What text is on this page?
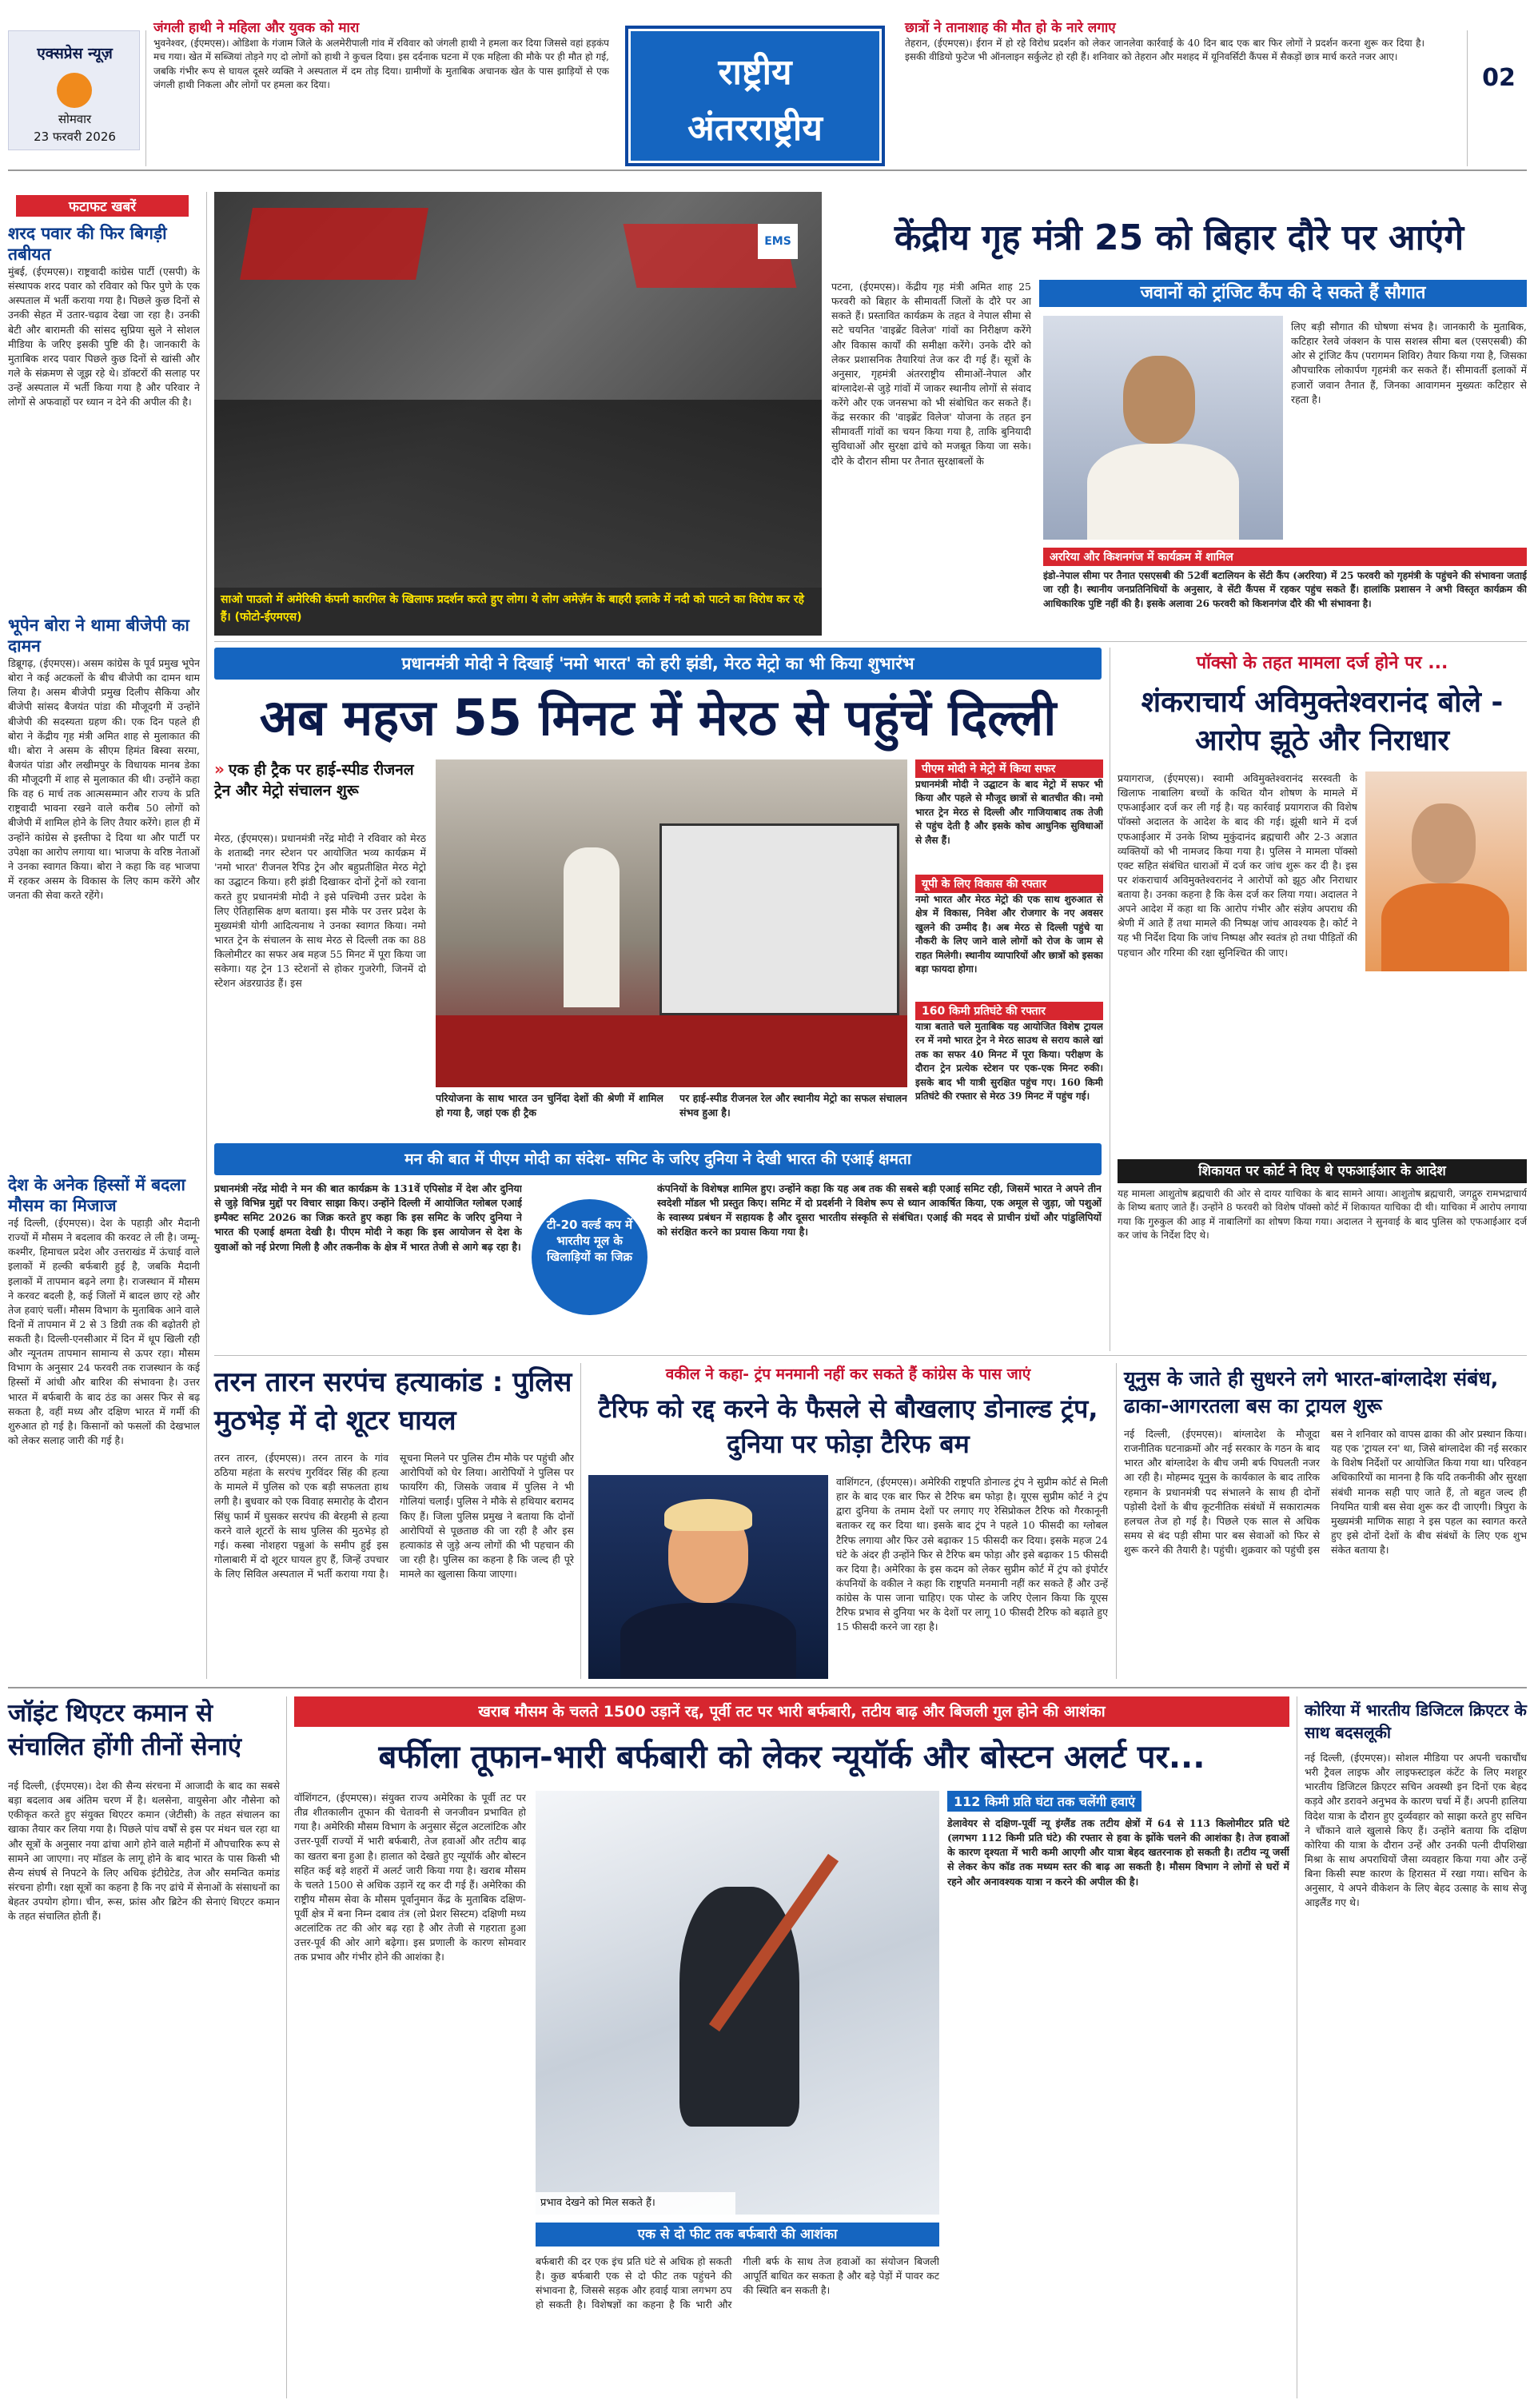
एक्सप्रेस न्यूज़
सोमवार
23 फरवरी 2026
जंगली हाथी ने महिला और युवक को मारा
भुवनेश्वर, (ईएमएस)। ओडिशा के गंजाम जिले के अलमेरीपाली गांव में रविवार को जंगली हाथी ने हमला कर दिया जिससे वहां हड़कंप मच गया। खेत में सब्जियां तोड़ने गए दो लोगों को हाथी ने कुचल दिया। इस दर्दनाक घटना में एक महिला की मौके पर ही मौत हो गई, जबकि गंभीर रूप से घायल दूसरे व्यक्ति ने अस्पताल में दम तोड़ दिया। ग्रामीणों के मुताबिक अचानक खेत के पास झाड़ियों से एक जंगली हाथी निकला और लोगों पर हमला कर दिया।	राष्ट्रीय
अंतरराष्ट्रीय
छात्रों ने तानाशाह की मौत हो के नारे लगाए
तेहरान, (ईएमएस)। ईरान में हो रहे विरोध प्रदर्शन को लेकर जानलेवा कार्रवाई के 40 दिन बाद एक बार फिर लोगों ने प्रदर्शन करना शुरू कर दिया है। इसकी वीडियो फुटेज भी ऑनलाइन सर्कुलेट हो रही हैं। शनिवार को तेहरान और मशहद में यूनिवर्सिटी कैंपस में सैकड़ों छात्र मार्च करते नजर आए।
02
फटाफट खबरें
शरद पवार की फिर बिगड़ी तबीयत
मुंबई, (ईएमएस)। राष्ट्रवादी कांग्रेस पार्टी (एसपी) के संस्थापक शरद पवार को रविवार को फिर पुणे के एक अस्पताल में भर्ती कराया गया है। पिछले कुछ दिनों से उनकी सेहत में उतार-चढ़ाव देखा जा रहा है। उनकी बेटी और बारामती की सांसद सुप्रिया सुले ने सोशल मीडिया के जरिए इसकी पुष्टि की है। जानकारी के मुताबिक शरद पवार पिछले कुछ दिनों से खांसी और गले के संक्रमण से जूझ रहे थे। डॉक्टरों की सलाह पर उन्हें अस्पताल में भर्ती किया गया है और परिवार ने लोगों से अफवाहों पर ध्यान न देने की अपील की है।
भूपेन बोरा ने थामा बीजेपी का दामन
डिब्रूगढ़, (ईएमएस)। असम कांग्रेस के पूर्व प्रमुख भूपेन बोरा ने कई अटकलों के बीच बीजेपी का दामन थाम लिया है। असम बीजेपी प्रमुख दिलीप सैकिया और बीजेपी सांसद बैजयंत पांडा की मौजूदगी में उन्होंने बीजेपी की सदस्यता ग्रहण की। एक दिन पहले ही बोरा ने केंद्रीय गृह मंत्री अमित शाह से मुलाकात की थी। बोरा ने असम के सीएम हिमंत बिस्वा सरमा, बैजयंत पांडा और लखीमपुर के विधायक मानब डेका की मौजूदगी में शाह से मुलाकात की थी। उन्होंने कहा कि वह 6 मार्च तक आत्मसम्मान और राज्य के प्रति राष्ट्रवादी भावना रखने वाले करीब 50 लोगों को बीजेपी में शामिल होने के लिए तैयार करेंगे। हाल ही में उन्होंने कांग्रेस से इस्तीफा दे दिया था और पार्टी पर उपेक्षा का आरोप लगाया था। भाजपा के वरिष्ठ नेताओं ने उनका स्वागत किया। बोरा ने कहा कि वह भाजपा में रहकर असम के विकास के लिए काम करेंगे और जनता की सेवा करते रहेंगे।
देश के अनेक हिस्सों में बदला मौसम का मिजाज
नई दिल्ली, (ईएमएस)। देश के पहाड़ी और मैदानी राज्यों में मौसम ने बदलाव की करवट ले ली है। जम्मू-कश्मीर, हिमाचल प्रदेश और उत्तराखंड में ऊंचाई वाले इलाकों में हल्की बर्फबारी हुई है, जबकि मैदानी इलाकों में तापमान बढ़ने लगा है। राजस्थान में मौसम ने करवट बदली है, कई जिलों में बादल छाए रहे और तेज हवाएं चलीं। मौसम विभाग के मुताबिक आने वाले दिनों में तापमान में 2 से 3 डिग्री तक की बढ़ोतरी हो सकती है। दिल्ली-एनसीआर में दिन में धूप खिली रही और न्यूनतम तापमान सामान्य से ऊपर रहा। मौसम विभाग के अनुसार 24 फरवरी तक राजस्थान के कई हिस्सों में आंधी और बारिश की संभावना है। उत्तर भारत में बर्फबारी के बाद ठंड का असर फिर से बढ़ सकता है, वहीं मध्य और दक्षिण भारत में गर्मी की शुरुआत हो गई है। किसानों को फसलों की देखभाल को लेकर सलाह जारी की गई है।
EMS
साओ पाउलो में अमेरिकी कंपनी कारगिल के खिलाफ प्रदर्शन करते हुए लोग। ये लोग अमेज़ॅन के बाहरी इलाके में नदी को पाटने का विरोध कर रहे हैं। (फोटो-ईएमएस)
केंद्रीय गृह मंत्री 25 को बिहार दौरे पर आएंगे
पटना, (ईएमएस)। केंद्रीय गृह मंत्री अमित शाह 25 फरवरी को बिहार के सीमावर्ती जिलों के दौरे पर आ सकते हैं। प्रस्तावित कार्यक्रम के तहत वे नेपाल सीमा से सटे चयनित 'वाइब्रेंट विलेज' गांवों का निरीक्षण करेंगे और विकास कार्यों की समीक्षा करेंगे। उनके दौरे को लेकर प्रशासनिक तैयारियां तेज कर दी गई हैं। सूत्रों के अनुसार, गृहमंत्री अंतरराष्ट्रीय सीमाओं-नेपाल और बांग्लादेश-से जुड़े गांवों में जाकर स्थानीय लोगों से संवाद करेंगे और एक जनसभा को भी संबोधित कर सकते हैं। केंद्र सरकार की 'वाइब्रेंट विलेज' योजना के तहत इन सीमावर्ती गांवों का चयन किया गया है, ताकि बुनियादी सुविधाओं और सुरक्षा ढांचे को मजबूत किया जा सके। दौरे के दौरान सीमा पर तैनात सुरक्षाबलों के
जवानों को ट्रांजिट कैंप की दे सकते हैं सौगात
लिए बड़ी सौगात की घोषणा संभव है। जानकारी के मुताबिक, कटिहार रेलवे जंक्शन के पास सशस्त्र सीमा बल (एसएसबी) की ओर से ट्रांजिट कैंप (परागमन शिविर) तैयार किया गया है, जिसका औपचारिक लोकार्पण गृहमंत्री कर सकते हैं। सीमावर्ती इलाकों में हजारों जवान तैनात हैं, जिनका आवागमन मुख्यतः कटिहार से रहता है।
अररिया और किशनगंज में कार्यक्रम में शामिल
इंडो-नेपाल सीमा पर तैनात एसएसबी की 52वीं बटालियन के सेंटी कैंप (अररिया) में 25 फरवरी को गृहमंत्री के पहुंचने की संभावना जताई जा रही है। स्थानीय जनप्रतिनिधियों के अनुसार, वे सेंटी कैंपस में रहकर पहुंच सकते हैं। हालांकि प्रशासन ने अभी विस्तृत कार्यक्रम की आधिकारिक पुष्टि नहीं की है। इसके अलावा 26 फरवरी को किशनगंज दौरे की भी संभावना है।
प्रधानमंत्री मोदी ने दिखाई 'नमो भारत' को हरी झंडी, मेरठ मेट्रो का भी किया शुभारंभ
अब महज 55 मिनट में मेरठ से पहुंचें दिल्ली
» एक ही ट्रैक पर हाई-स्पीड रीजनल ट्रेन और मेट्रो संचालन शुरू
मेरठ, (ईएमएस)। प्रधानमंत्री नरेंद्र मोदी ने रविवार को मेरठ के शताब्दी नगर स्टेशन पर आयोजित भव्य कार्यक्रम में 'नमो भारत' रीजनल रैपिड ट्रेन और बहुप्रतीक्षित मेरठ मेट्रो का उद्घाटन किया। हरी झंडी दिखाकर दोनों ट्रेनों को रवाना करते हुए प्रधानमंत्री मोदी ने इसे पश्चिमी उत्तर प्रदेश के लिए ऐतिहासिक क्षण बताया। इस मौके पर उत्तर प्रदेश के मुख्यमंत्री योगी आदित्यनाथ ने उनका स्वागत किया। नमो भारत ट्रेन के संचालन के साथ मेरठ से दिल्ली तक का 88 किलोमीटर का सफर अब महज 55 मिनट में पूरा किया जा सकेगा। यह ट्रेन 13 स्टेशनों से होकर गुजरेगी, जिनमें दो स्टेशन अंडरग्राउंड हैं। इस
परियोजना के साथ भारत उन चुनिंदा देशों की श्रेणी में शामिल हो गया है, जहां एक ही ट्रैक
पर हाई-स्पीड रीजनल रेल और स्थानीय मेट्रो का सफल संचालन संभव हुआ है।
पीएम मोदी ने मेट्रो में किया सफर
प्रधानमंत्री मोदी ने उद्घाटन के बाद मेट्रो में सफर भी किया और पहले से मौजूद छात्रों से बातचीत की। नमो भारत ट्रेन मेरठ से दिल्ली और गाजियाबाद तक तेजी से पहुंच देती है और इसके कोच आधुनिक सुविधाओं से लैस हैं।
यूपी के लिए विकास की रफ्तार
नमो भारत और मेरठ मेट्रो की एक साथ शुरुआत से क्षेत्र में विकास, निवेश और रोजगार के नए अवसर खुलने की उम्मीद है। अब मेरठ से दिल्ली पहुंचे या नौकरी के लिए जाने वाले लोगों को रोज के जाम से राहत मिलेगी। स्थानीय व्यापारियों और छात्रों को इसका बड़ा फायदा होगा।
160 किमी प्रतिघंटे की रफ्तार
यात्रा बताते चले मुताबिक यह आयोजित विशेष ट्रायल रन में नमो भारत ट्रेन ने मेरठ साउथ से सराय काले खां तक का सफर 40 मिनट में पूरा किया। परीक्षण के दौरान ट्रेन प्रत्येक स्टेशन पर एक-एक मिनट रुकी। इसके बाद भी यात्री सुरक्षित पहुंच गए। 160 किमी प्रतिघंटे की रफ्तार से मेरठ 39 मिनट में पहुंच गई।
पॉक्सो के तहत मामला दर्ज होने पर ...
शंकराचार्य अविमुक्तेश्वरानंद बोले - आरोप झूठे और निराधार
प्रयागराज, (ईएमएस)। स्वामी अविमुक्तेश्वरानंद सरस्वती के खिलाफ नाबालिग बच्चों के कथित यौन शोषण के मामले में एफआईआर दर्ज कर ली गई है। यह कार्रवाई प्रयागराज की विशेष पॉक्सो अदालत के आदेश के बाद की गई। झूंसी थाने में दर्ज एफआईआर में उनके शिष्य मुकुंदानंद ब्रह्मचारी और 2-3 अज्ञात व्यक्तियों को भी नामजद किया गया है। पुलिस ने मामला पॉक्सो एक्ट सहित संबंधित धाराओं में दर्ज कर जांच शुरू कर दी है। इस पर शंकराचार्य अविमुक्तेश्वरानंद ने आरोपों को झूठ और निराधार बताया है। उनका कहना है कि केस दर्ज कर लिया गया। अदालत ने अपने आदेश में कहा था कि आरोप गंभीर और संज्ञेय अपराध की श्रेणी में आते हैं तथा मामले की निष्पक्ष जांच आवश्यक है। कोर्ट ने यह भी निर्देश दिया कि जांच निष्पक्ष और स्वतंत्र हो तथा पीड़ितों की पहचान और गरिमा की रक्षा सुनिश्चित की जाए।
शिकायत पर कोर्ट ने दिए थे एफआईआर के आदेश
यह मामला आशुतोष ब्रह्मचारी की ओर से दायर याचिका के बाद सामने आया। आशुतोष ब्रह्मचारी, जगद्गुरु रामभद्राचार्य के शिष्य बताए जाते हैं। उन्होंने 8 फरवरी को विशेष पॉक्सो कोर्ट में शिकायत याचिका दी थी। याचिका में आरोप लगाया गया कि गुरुकुल की आड़ में नाबालिगों का शोषण किया गया। अदालत ने सुनवाई के बाद पुलिस को एफआईआर दर्ज कर जांच के निर्देश दिए थे।
मन की बात में पीएम मोदी का संदेश- समिट के जरिए दुनिया ने देखी भारत की एआई क्षमता
प्रधानमंत्री नरेंद्र मोदी ने मन की बात कार्यक्रम के 131वें एपिसोड में देश और दुनिया से जुड़े विभिन्न मुद्दों पर विचार साझा किए। उन्होंने दिल्ली में आयोजित ग्लोबल एआई इम्पैक्ट समिट 2026 का जिक्र करते हुए कहा कि इस समिट के जरिए दुनिया ने भारत की एआई क्षमता देखी है। पीएम मोदी ने कहा कि इस आयोजन से देश के युवाओं को नई प्रेरणा मिली है और तकनीक के क्षेत्र में भारत तेजी से आगे बढ़ रहा है।
टी-20 वर्ल्ड कप में भारतीय मूल के खिलाड़ियों का जिक्र
कंपनियों के विशेषज्ञ शामिल हुए। उन्होंने कहा कि यह अब तक की सबसे बड़ी एआई समिट रही, जिसमें भारत ने अपने तीन स्वदेशी मॉडल भी प्रस्तुत किए। समिट में दो प्रदर्शनी ने विशेष रूप से ध्यान आकर्षित किया, एक अमूल से जुड़ा, जो पशुओं के स्वास्थ्य प्रबंधन में सहायक है और दूसरा भारतीय संस्कृति से संबंधित। एआई की मदद से प्राचीन ग्रंथों और पांडुलिपियों को संरक्षित करने का प्रयास किया गया है।
तरन तारन सरपंच हत्याकांड : पुलिस मुठभेड़ में दो शूटर घायल
तरन तारन, (ईएमएस)। तरन तारन के गांव ठठिया महंता के सरपंच गुरविंदर सिंह की हत्या के मामले में पुलिस को एक बड़ी सफलता हाथ लगी है। बुधवार को एक विवाह समारोह के दौरान सिंधु फार्म में घुसकर सरपंच की बेरहमी से हत्या करने वाले शूटरों के साथ पुलिस की मुठभेड़ हो गई। कस्बा नोशहरा पन्नुआं के समीप हुई इस गोलाबारी में दो शूटर घायल हुए हैं, जिन्हें उपचार के लिए सिविल अस्पताल में भर्ती कराया गया है। सूचना मिलने पर पुलिस टीम मौके पर पहुंची और आरोपियों को घेर लिया। आरोपियों ने पुलिस पर फायरिंग की, जिसके जवाब में पुलिस ने भी गोलियां चलाईं। पुलिस ने मौके से हथियार बरामद किए हैं। जिला पुलिस प्रमुख ने बताया कि दोनों आरोपियों से पूछताछ की जा रही है और इस हत्याकांड से जुड़े अन्य लोगों की भी पहचान की जा रही है। पुलिस का कहना है कि जल्द ही पूरे मामले का खुलासा किया जाएगा।
वकील ने कहा- ट्रंप मनमानी नहीं कर सकते हैं कांग्रेस के पास जाएं
टैरिफ को रद्द करने के फैसले से बौखलाए डोनाल्ड ट्रंप, दुनिया पर फोड़ा टैरिफ बम
वाशिंगटन, (ईएमएस)। अमेरिकी राष्ट्रपति डोनाल्ड ट्रंप ने सुप्रीम कोर्ट से मिली हार के बाद एक बार फिर से टैरिफ बम फोड़ा है। यूएस सुप्रीम कोर्ट ने ट्रंप द्वारा दुनिया के तमाम देशों पर लगाए गए रेसिप्रोकल टैरिफ को गैरकानूनी बताकर रद्द कर दिया था। इसके बाद ट्रंप ने पहले 10 फीसदी का ग्लोबल टैरिफ लगाया और फिर उसे बढ़ाकर 15 फीसदी कर दिया। इसके महज 24 घंटे के अंदर ही उन्होंने फिर से टैरिफ बम फोड़ा और इसे बढ़ाकर 15 फीसदी कर दिया है। अमेरिका के इस कदम को लेकर सुप्रीम कोर्ट में ट्रंप को इंपोर्टर कंपनियों के वकील ने कहा कि राष्ट्रपति मनमानी नहीं कर सकते हैं और उन्हें कांग्रेस के पास जाना चाहिए। एक पोस्ट के जरिए ऐलान किया कि यूएस टैरिफ प्रभाव से दुनिया भर के देशों पर लागू 10 फीसदी टैरिफ को बढ़ाते हुए 15 फीसदी करने जा रहा है।
यूनुस के जाते ही सुधरने लगे भारत-बांग्लादेश संबंध, ढाका-आगरतला बस का ट्रायल शुरू
नई दिल्ली, (ईएमएस)। बांग्लादेश के मौजूदा राजनीतिक घटनाक्रमों और नई सरकार के गठन के बाद भारत और बांग्लादेश के बीच जमी बर्फ पिघलती नजर आ रही है। मोहम्मद यूनुस के कार्यकाल के बाद तारिक रहमान के प्रधानमंत्री पद संभालने के साथ ही दोनों पड़ोसी देशों के बीच कूटनीतिक संबंधों में सकारात्मक हलचल तेज हो गई है। पिछले एक साल से अधिक समय से बंद पड़ी सीमा पार बस सेवाओं को फिर से शुरू करने की तैयारी है। पहुंची। शुक्रवार को पहुंची इस बस ने शनिवार को वापस ढाका की ओर प्रस्थान किया। यह एक 'ट्रायल रन' था, जिसे बांग्लादेश की नई सरकार के विशेष निर्देशों पर आयोजित किया गया था। परिवहन अधिकारियों का मानना है कि यदि तकनीकी और सुरक्षा संबंधी मानक सही पाए जाते हैं, तो बहुत जल्द ही नियमित यात्री बस सेवा शुरू कर दी जाएगी। त्रिपुरा के मुख्यमंत्री माणिक साहा ने इस पहल का स्वागत करते हुए इसे दोनों देशों के बीच संबंधों के लिए एक शुभ संकेत बताया है।
जॉइंट थिएटर कमान से संचालित होंगी तीनों सेनाएं
नई दिल्ली, (ईएमएस)। देश की सैन्य संरचना में आजादी के बाद का सबसे बड़ा बदलाव अब अंतिम चरण में है। थलसेना, वायुसेना और नौसेना को एकीकृत करते हुए संयुक्त थिएटर कमान (जेटीसी) के तहत संचालन का खाका तैयार कर लिया गया है। पिछले पांच वर्षों से इस पर मंथन चल रहा था और सूत्रों के अनुसार नया ढांचा आगे होने वाले महीनों में औपचारिक रूप से सामने आ जाएगा। नए मॉडल के लागू होने के बाद भारत के पास किसी भी सैन्य संघर्ष से निपटने के लिए अधिक इंटीग्रेटेड, तेज और समन्वित कमांड संरचना होगी। रक्षा सूत्रों का कहना है कि नए ढांचे में सेनाओं के संसाधनों का बेहतर उपयोग होगा। चीन, रूस, फ्रांस और ब्रिटेन की सेनाएं थिएटर कमान के तहत संचालित होती हैं।
खराब मौसम के चलते 1500 उड़ानें रद्द, पूर्वी तट पर भारी बर्फबारी, तटीय बाढ़ और बिजली गुल होने की आशंका
बर्फीला तूफान-भारी बर्फबारी को लेकर न्यूयॉर्क और बोस्टन अलर्ट पर...
वॉशिंगटन, (ईएमएस)। संयुक्त राज्य अमेरिका के पूर्वी तट पर तीव्र शीतकालीन तूफान की चेतावनी से जनजीवन प्रभावित हो गया है। अमेरिकी मौसम विभाग के अनुसार सेंट्रल अटलांटिक और उत्तर-पूर्वी राज्यों में भारी बर्फबारी, तेज हवाओं और तटीय बाढ़ का खतरा बना हुआ है। हालात को देखते हुए न्यूयॉर्क और बोस्टन सहित कई बड़े शहरों में अलर्ट जारी किया गया है। खराब मौसम के चलते 1500 से अधिक उड़ानें रद्द कर दी गई हैं। अमेरिका की राष्ट्रीय मौसम सेवा के मौसम पूर्वानुमान केंद्र के मुताबिक दक्षिण-पूर्वी क्षेत्र में बना निम्न दबाव तंत्र (लो प्रेशर सिस्टम) दक्षिणी मध्य अटलांटिक तट की ओर बढ़ रहा है और तेजी से गहराता हुआ उत्तर-पूर्व की ओर आगे बढ़ेगा। इस प्रणाली के कारण सोमवार तक प्रभाव और गंभीर होने की आशंका है।
प्रभाव देखने को मिल सकते हैं।
एक से दो फीट तक बर्फबारी की आशंका
बर्फबारी की दर एक इंच प्रति घंटे से अधिक हो सकती है। कुछ बर्फबारी एक से दो फीट तक पहुंचने की संभावना है, जिससे सड़क और हवाई यात्रा लगभग ठप हो सकती है। विशेषज्ञों का कहना है कि भारी और गीली बर्फ के साथ तेज हवाओं का संयोजन बिजली आपूर्ति बाधित कर सकता है और बड़े पेड़ों में पावर कट की स्थिति बन सकती है।
112 किमी प्रति घंटा तक चलेंगी हवाएं
डेलावेयर से दक्षिण-पूर्वी न्यू इंग्लैंड तक तटीय क्षेत्रों में 64 से 113 किलोमीटर प्रति घंटे (लगभग 112 किमी प्रति घंटे) की रफ्तार से हवा के झोंके चलने की आशंका है। तेज हवाओं के कारण दृश्यता में भारी कमी आएगी और यात्रा बेहद खतरनाक हो सकती है। तटीय न्यू जर्सी से लेकर केप कॉड तक मध्यम स्तर की बाढ़ आ सकती है। मौसम विभाग ने लोगों से घरों में रहने और अनावश्यक यात्रा न करने की अपील की है।
कोरिया में भारतीय डिजिटल क्रिएटर के साथ बदसलूकी
नई दिल्ली, (ईएमएस)। सोशल मीडिया पर अपनी चकाचौंध भरी ट्रैवल लाइफ और लाइफस्टाइल कंटेंट के लिए मशहूर भारतीय डिजिटल क्रिएटर सचिन अवस्थी इन दिनों एक बेहद कड़वे और डरावने अनुभव के कारण चर्चा में हैं। अपनी हालिया विदेश यात्रा के दौरान हुए दुर्व्यवहार को साझा करते हुए सचिन ने चौंकाने वाले खुलासे किए हैं। उन्होंने बताया कि दक्षिण कोरिया की यात्रा के दौरान उन्हें और उनकी पत्नी दीपशिखा मिश्रा के साथ अपराधियों जैसा व्यवहार किया गया और उन्हें बिना किसी स्पष्ट कारण के हिरासत में रखा गया। सचिन के अनुसार, ये अपने वीकेशन के लिए बेहद उत्साह के साथ सेजू आइलैंड गए थे।
